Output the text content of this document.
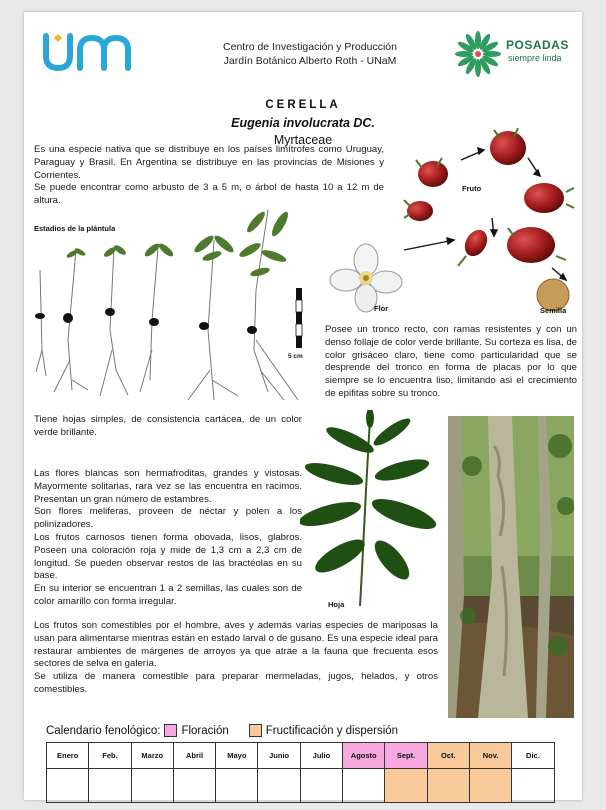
Centro de Investigación y Producción
Jardín Botánico Alberto Roth - UNaM
POSADAS
siempre linda
CERELLA
Eugenia involucrata DC.
Myrtaceae

Es una especie nativa que se distribuye en los países limítrofes como Uruguay, Paraguay y Brasil. En Argentina se distribuye en las provincias de Misiones y Corrientes.

Se puede encontrar como arbusto de 3 a 5 m, o árbol de hasta 10 a 12 m de altura.

Fruto
Flor	Semilla
Estadios de la plántula
5 cm
Posee un tronco recto, con ramas resistentes y con un denso follaje de color verde brillante. Su corteza es lisa, de color grisáceo claro, tiene como particularidad que se desprende del tronco en forma de placas por lo que siempre se lo encuentra liso, limitando asi el crecimiento de epifitas sobre su tronco.
Tiene hojas simples, de consistencia cartácea, de un color verde brillante.

Las flores blancas son hermafroditas, grandes y vistosas. Mayormente solitarias, rara vez se las encuentra en racimos. Presentan un gran número de estambres.

Son flores meliferas, proveen de néctar y polen a los polinizadores.

Los frutos carnosos tienen forma obovada, lisos, glabros. Poseen una coloración roja y mide de 1,3 cm a 2,3 cm de longitud. Se pueden observar restos de las bractéolas en su base.

En su interior se encuentran 1 a 2 semillas, las cuales son de color amarillo con forma irregular.	Hoja

Los frutos son comestibles por el hombre, aves y además varias especies de mariposas la usan para alimentarse mientras están en estado larval o de gusano. Es una especie ideal para restaurar ambientes de márgenes de arroyos ya que atrae a la fauna que frecuenta esos sectores de selva en galería.

Se utiliza de manera comestible para preparar mermeladas, jugos, helados, y otros comestibles.

Calendario fenológico: Floración	Fructificación y dispersión
Enero	Feb.	Marzo	Abril	Mayo	Junio	Julio	Agosto	Sept.	Oct.	Nov.	Dic.
